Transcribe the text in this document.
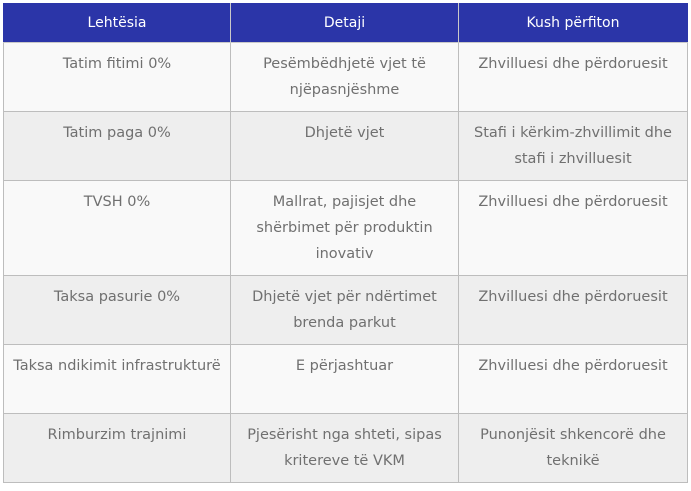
Lehtësia	Detaji	Kush përfiton
Tatim fitimi 0%	Pesëmbëdhjetë vjet të njëpasnjëshme	Zhvilluesi dhe përdoruesit
Tatim paga 0%	Dhjetë vjet	Stafi i kërkim-zhvillimit dhe stafi i zhvilluesit
TVSH 0%	Mallrat, pajisjet dhe shërbimet për produktin inovativ	Zhvilluesi dhe përdoruesit
Taksa pasurie 0%	Dhjetë vjet për ndërtimet brenda parkut	Zhvilluesi dhe përdoruesit
Taksa ndikimit infrastrukturë	E përjashtuar	Zhvilluesi dhe përdoruesit
Rimburzim trajnimi	Pjesërisht nga shteti, sipas kritereve të VKM	Punonjësit shkencorë dhe teknikë
